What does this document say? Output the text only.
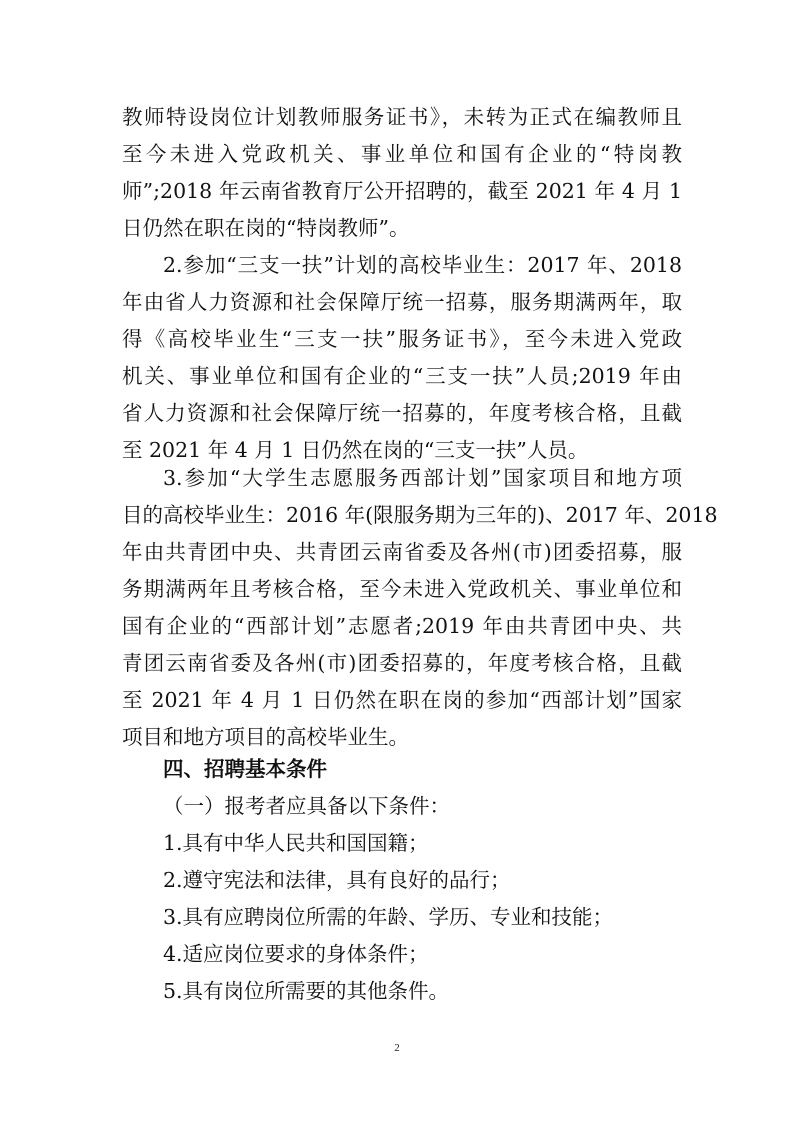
教师特设岗位计划教师服务证书》，未转为正式在编教师且
至今未进入党政机关、事业单位和国有企业的“特岗教
师”;2018 年云南省教育厅公开招聘的，截至 2021 年 4 月 1
日仍然在职在岗的“特岗教师”。
2.参加“三支一扶”计划的高校毕业生：2017 年、2018
年由省人力资源和社会保障厅统一招募，服务期满两年，取
得《高校毕业生“三支一扶”服务证书》，至今未进入党政
机关、事业单位和国有企业的“三支一扶”人员;2019 年由
省人力资源和社会保障厅统一招募的，年度考核合格，且截
至 2021 年 4 月 1 日仍然在岗的“三支一扶”人员。
3.参加“大学生志愿服务西部计划”国家项目和地方项
目的高校毕业生：2016 年(限服务期为三年的)、2017 年、2018
年由共青团中央、共青团云南省委及各州(市)团委招募，服
务期满两年且考核合格，至今未进入党政机关、事业单位和
国有企业的“西部计划”志愿者;2019 年由共青团中央、共
青团云南省委及各州(市)团委招募的，年度考核合格，且截
至 2021 年 4 月 1 日仍然在职在岗的参加“西部计划”国家
项目和地方项目的高校毕业生。
四、招聘基本条件
（一）报考者应具备以下条件：
1.具有中华人民共和国国籍；
2.遵守宪法和法律，具有良好的品行；
3.具有应聘岗位所需的年龄、学历、专业和技能；
4.适应岗位要求的身体条件；
5.具有岗位所需要的其他条件。
2
